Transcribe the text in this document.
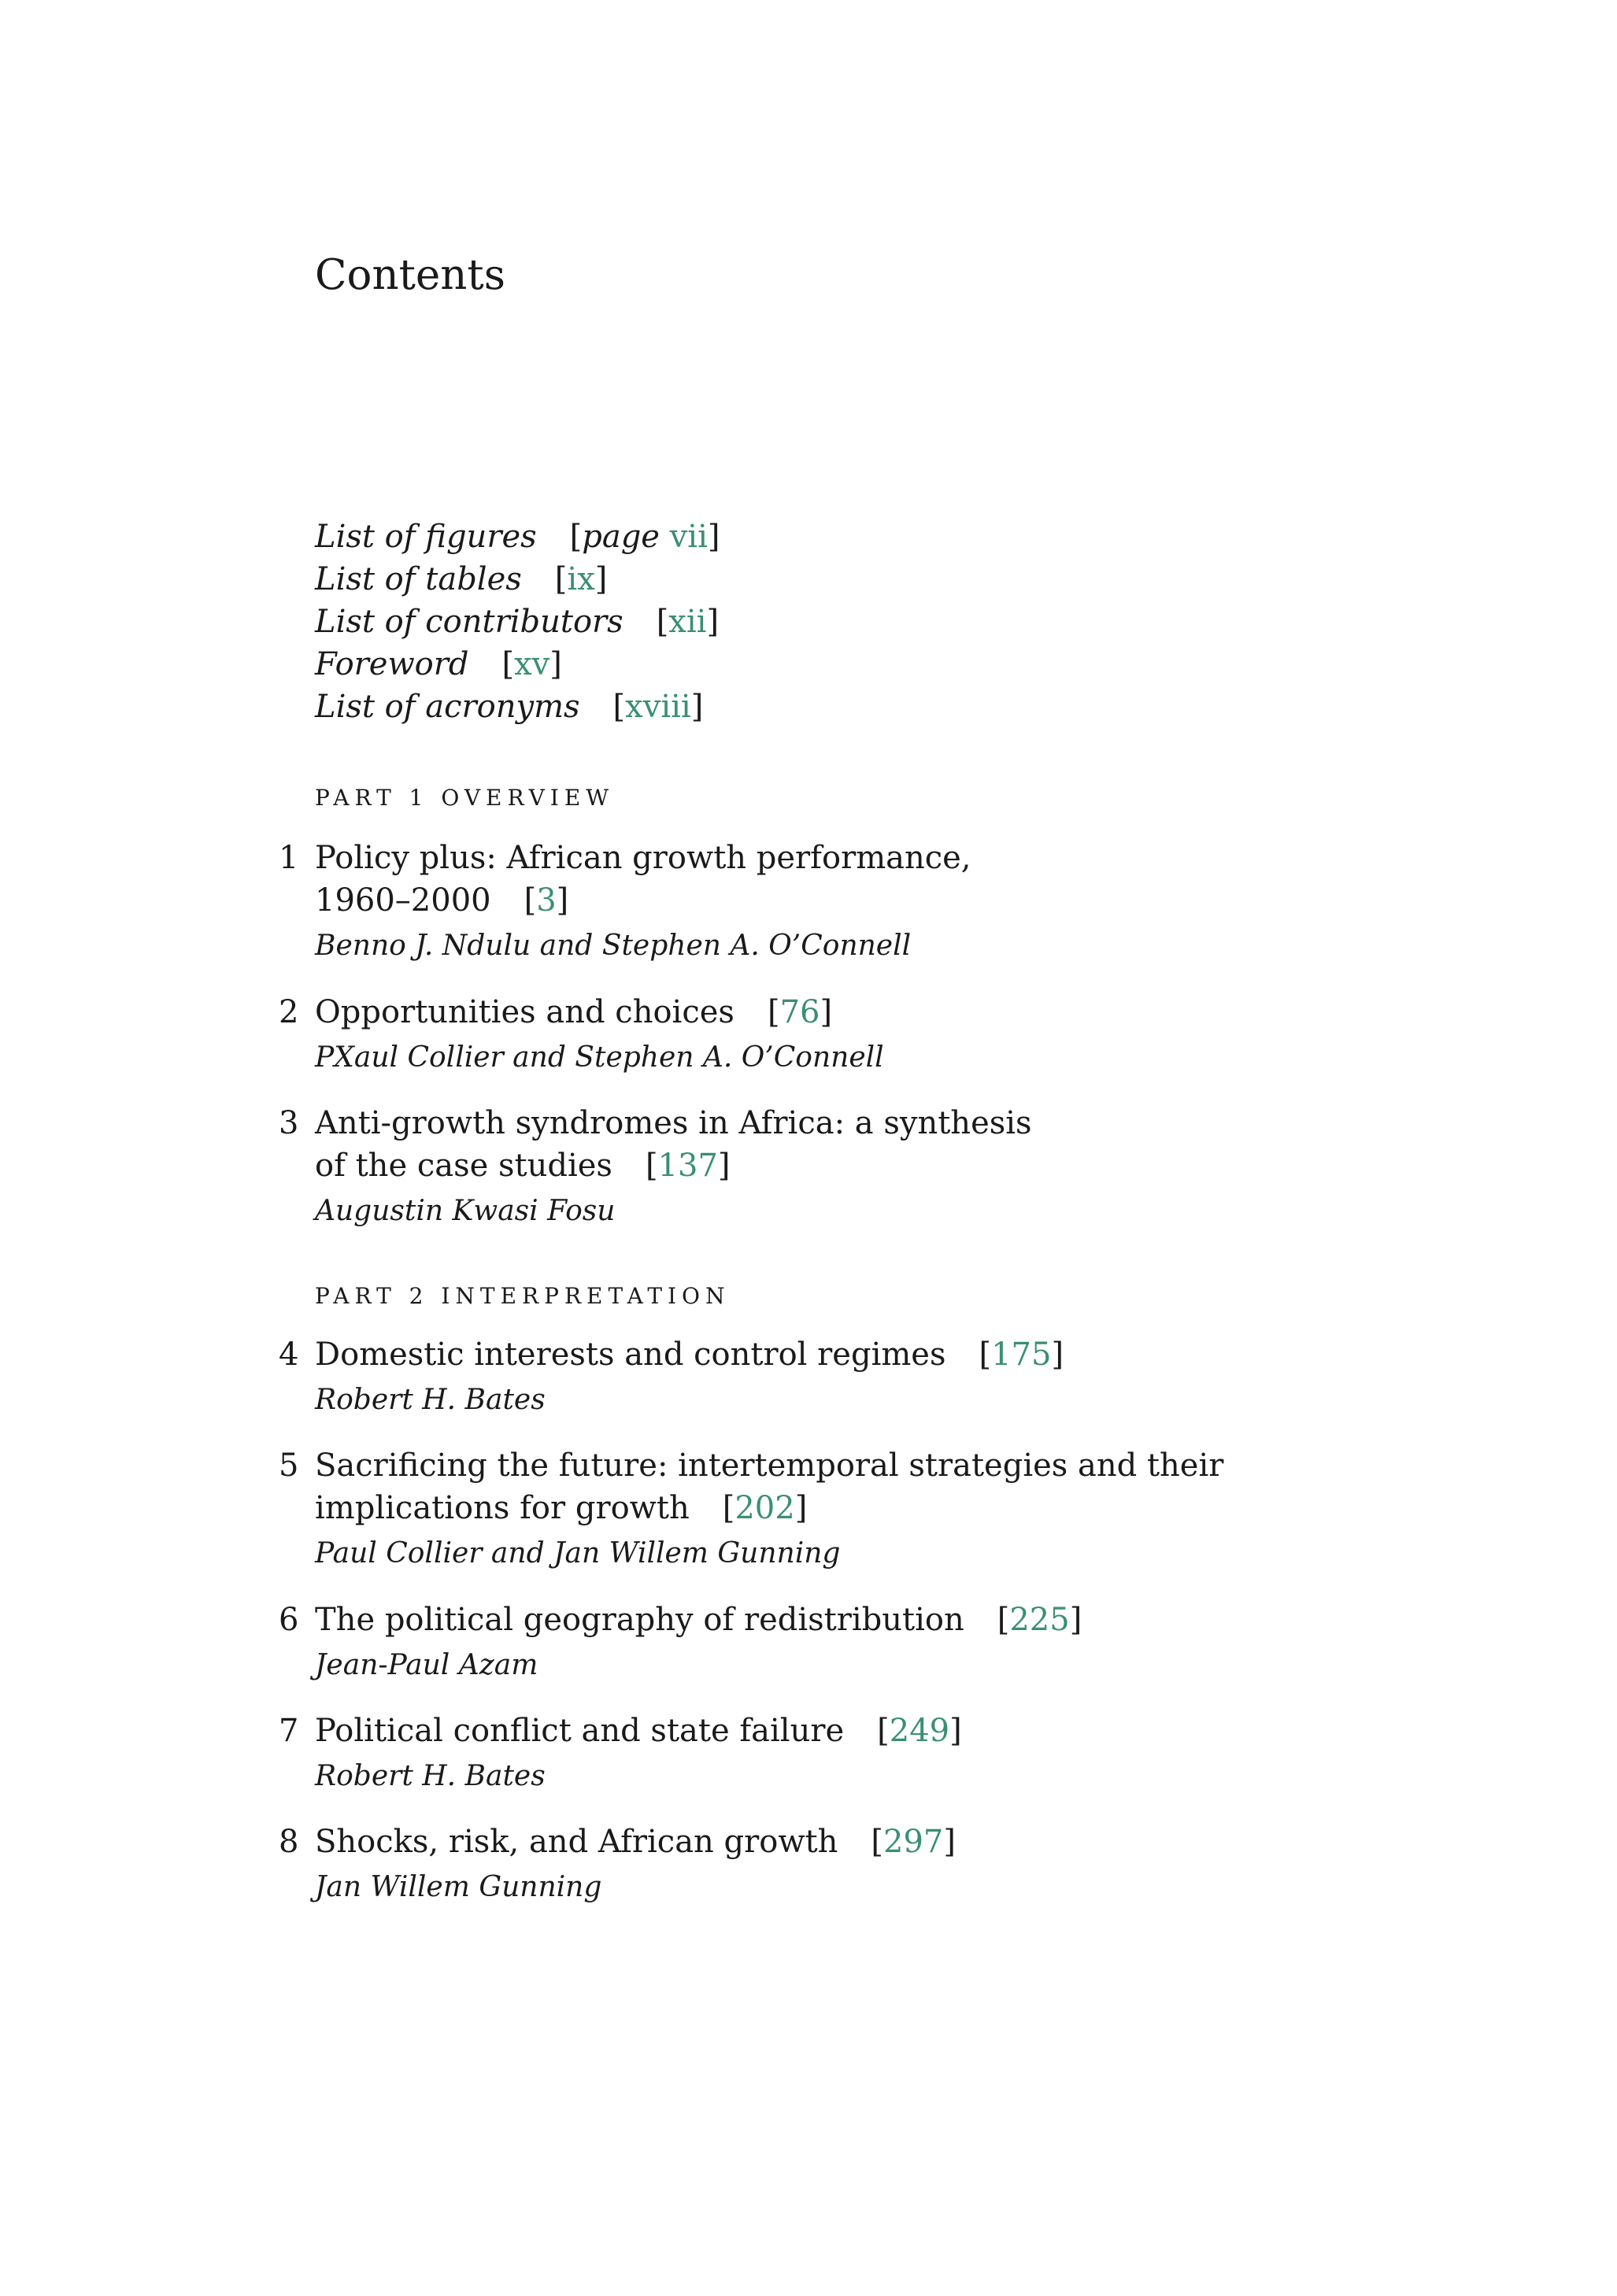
Contents
List of figures [page vii]
List of tables [ix]
List of contributors [xii]
Foreword [xv]
List of acronyms [xviii]
PART 1 OVERVIEW
1 Policy plus: African growth performance,
1960–2000 [3]
Benno J. Ndulu and Stephen A. O’Connell
2 Opportunities and choices [76]
PXaul Collier and Stephen A. O’Connell
3 Anti-growth syndromes in Africa: a synthesis
of the case studies [137]
Augustin Kwasi Fosu
PART 2 INTERPRETATION
4 Domestic interests and control regimes [175]
Robert H. Bates
5 Sacrificing the future: intertemporal strategies and their
implications for growth [202]
Paul Collier and Jan Willem Gunning
6 The political geography of redistribution [225]
Jean-Paul Azam
7 Political conflict and state failure [249]
Robert H. Bates
8 Shocks, risk, and African growth [297]
Jan Willem Gunning
